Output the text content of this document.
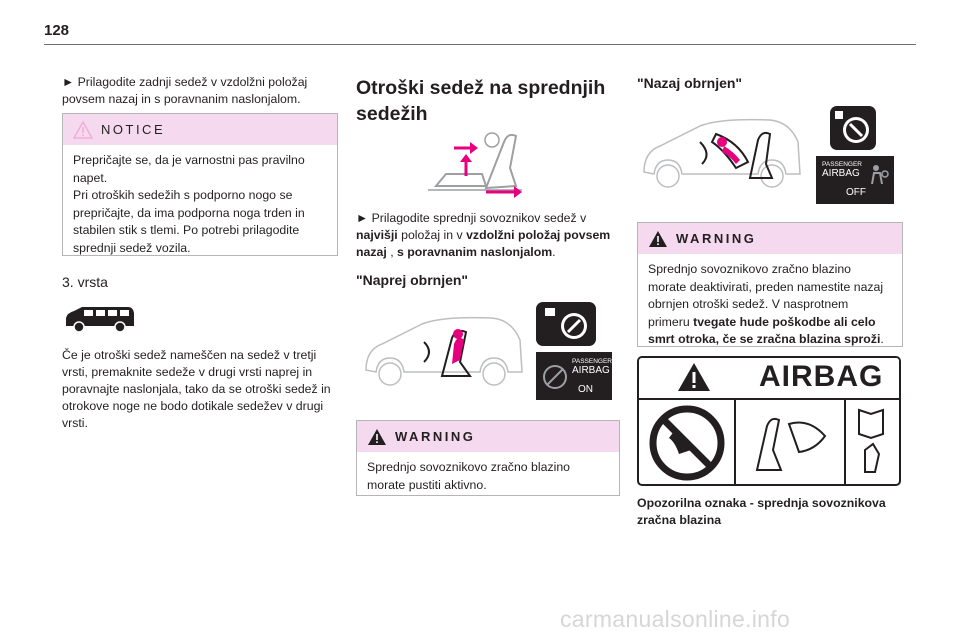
128

► Prilagodite zadnji sedež v vzdolžni položaj povsem nazaj in s poravnanim naslonjalom.

NOTICE
Prepričajte se, da je varnostni pas pravilno napet.
Pri otroških sedežih s podporno nogo se prepričajte, da ima podporna noga trden in stabilen stik s tlemi. Po potrebi prilagodite sprednji sedež vozila.
3. vrsta

Če je otroški sedež nameščen na sedež v tretji vrsti, premaknite sedeže v drugi vrsti naprej in poravnajte naslonjala, tako da se otroški sedež in otrokove noge ne bodo dotikale sedežev v drugi vrsti.

Otroški sedež na sprednjih sedežih

► Prilagodite sprednji sovoznikov sedež v najvišji položaj in v vzdolžni položaj povsem nazaj , s poravnanim naslonjalom.

"Naprej obrnjen"
PASSENGER
AIRBAG
ON
WARNING
Sprednjo sovoznikovo zračno blazino morate pustiti aktivno.
"Nazaj obrnjen"
PASSENGER
AIRBAG
OFF
WARNING
Sprednjo sovoznikovo zračno blazino morate deaktivirati, preden namestite nazaj obrnjen otroški sedež. V nasprotnem primeru tvegate hude poškodbe ali celo smrt otroka, če se zračna blazina sproži.
AIRBAG

Opozorilna oznaka - sprednja sovoznikova zračna blazina

carmanualsonline.info
